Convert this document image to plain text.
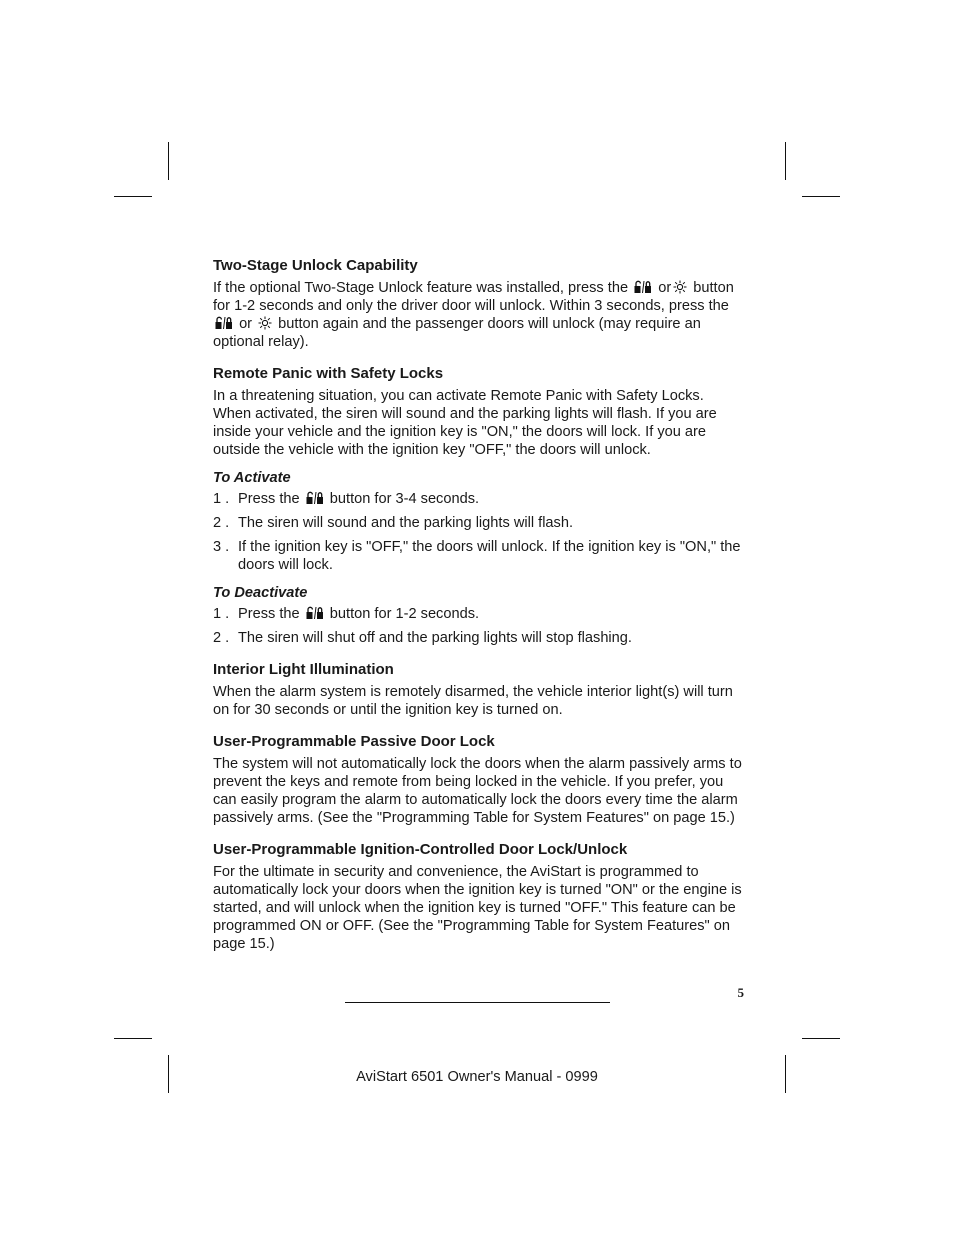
Two-Stage Unlock Capability

If the optional Two-Stage Unlock feature was installed, press the or button for 1-2 seconds and only the driver door will unlock. Within 3 seconds, press the
or button again and the passenger doors will unlock (may require an optional relay).

Remote Panic with Safety Locks

In a threatening situation, you can activate Remote Panic with Safety Locks. When activated, the siren will sound and the parking lights will flash. If you are inside your vehicle and the ignition key is "ON," the doors will lock. If you are outside the vehicle with the ignition key "OFF," the doors will unlock.

To Activate
1 . Press the button for 3-4 seconds.
2 . The siren will sound and the parking lights will flash.
3 . If the ignition key is "OFF," the doors will unlock. If the ignition key is "ON," the doors will lock.
To Deactivate
1 . Press the button for 1-2 seconds.
2 . The siren will shut off and the parking lights will stop flashing.
Interior Light Illumination

When the alarm system is remotely disarmed, the vehicle interior light(s) will turn on for 30 seconds or until the ignition key is turned on.

User-Programmable Passive Door Lock

The system will not automatically lock the doors when the alarm passively arms to prevent the keys and remote from being locked in the vehicle. If you prefer, you can easily program the alarm to automatically lock the doors every time the alarm passively arms. (See the "Programming Table for System Features" on page 15.)

User-Programmable Ignition-Controlled Door Lock/Unlock

For the ultimate in security and convenience, the AviStart is programmed to automatically lock your doors when the ignition key is turned "ON" or the engine is started, and will unlock when the ignition key is turned "OFF." This feature can be programmed ON or OFF. (See the "Programming Table for System Features" on page 15.)

5
AviStart 6501 Owner's Manual - 0999
